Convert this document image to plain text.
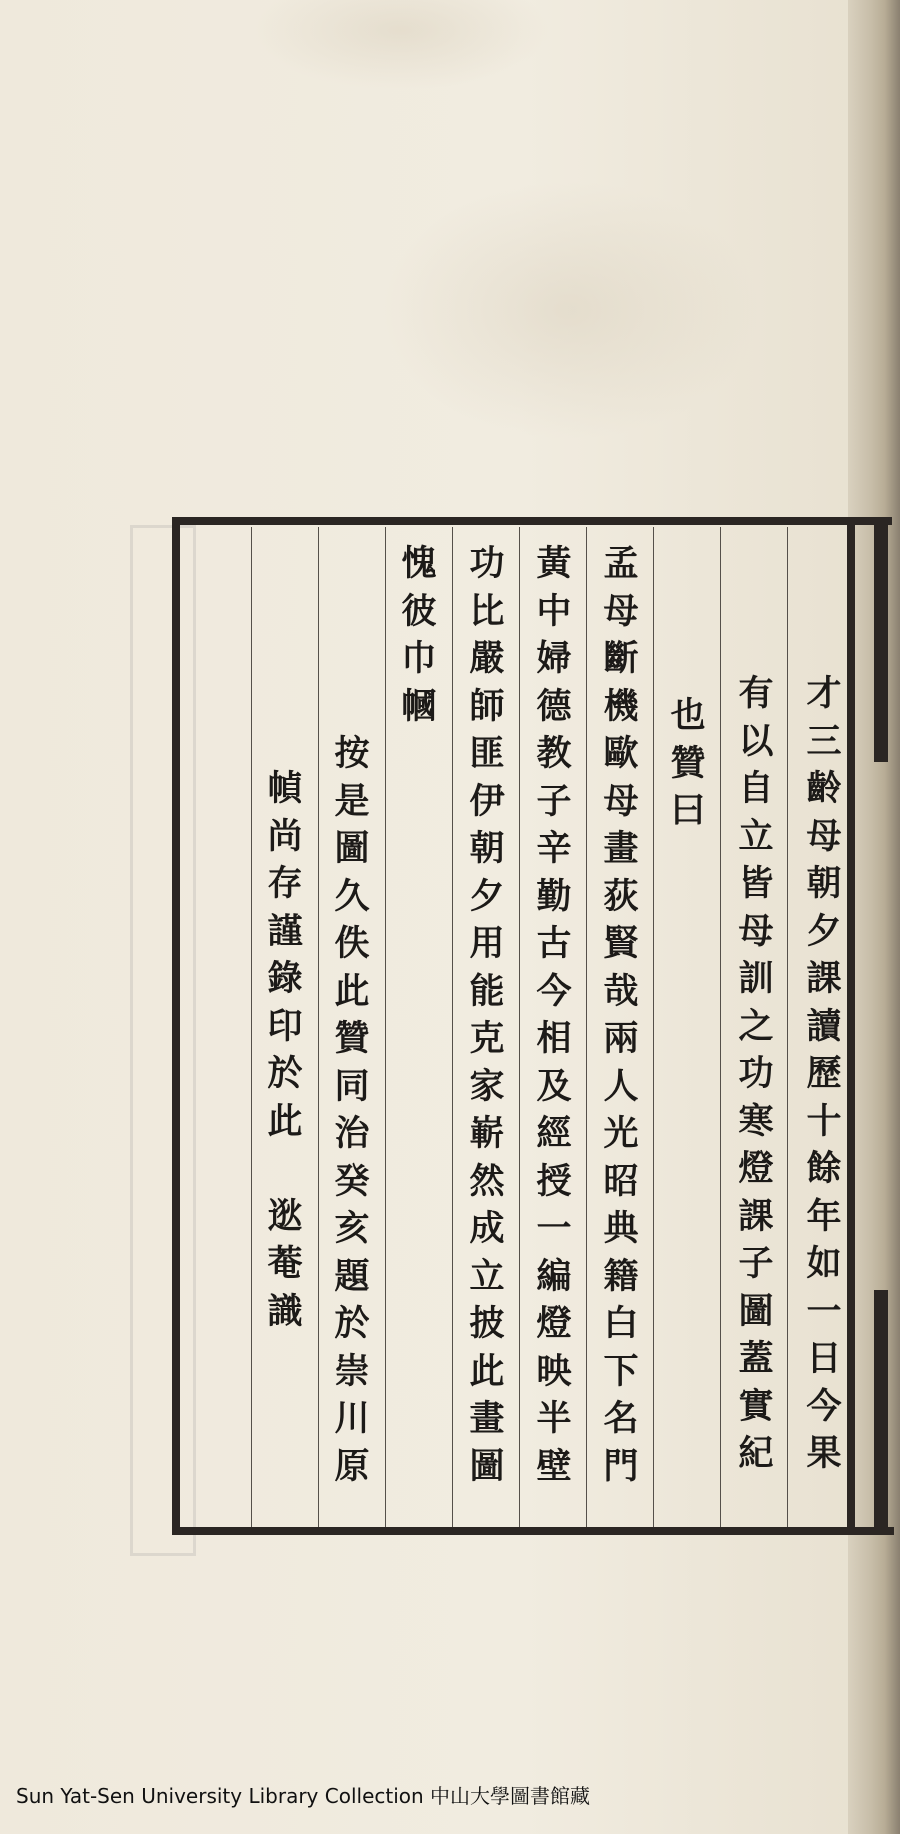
才
三
齡
母
朝
夕
課
讀
歷
十
餘
年
如
一
日
今
果
有
以
自
立
皆
母
訓
之
功
寒
燈
課
子
圖
蓋
實
紀
也
贊
曰
孟
母
斷
機
歐
母
畫
荻
賢
哉
兩
人
光
昭
典
籍
白
下
名
門
黃
中
婦
德
教
子
辛
勤
古
今
相
及
經
授
一
編
燈
映
半
壁
功
比
嚴
師
匪
伊
朝
夕
用
能
克
家
嶄
然
成
立
披
此
畫
圖
愧
彼
巾
幗
按
是
圖
久
佚
此
贊
同
治
癸
亥
題
於
崇
川
原
幀
尚
存
謹
錄
印
於
此

逖
菴
識
Sun Yat-Sen University Library Collection 中山大學圖書館藏
